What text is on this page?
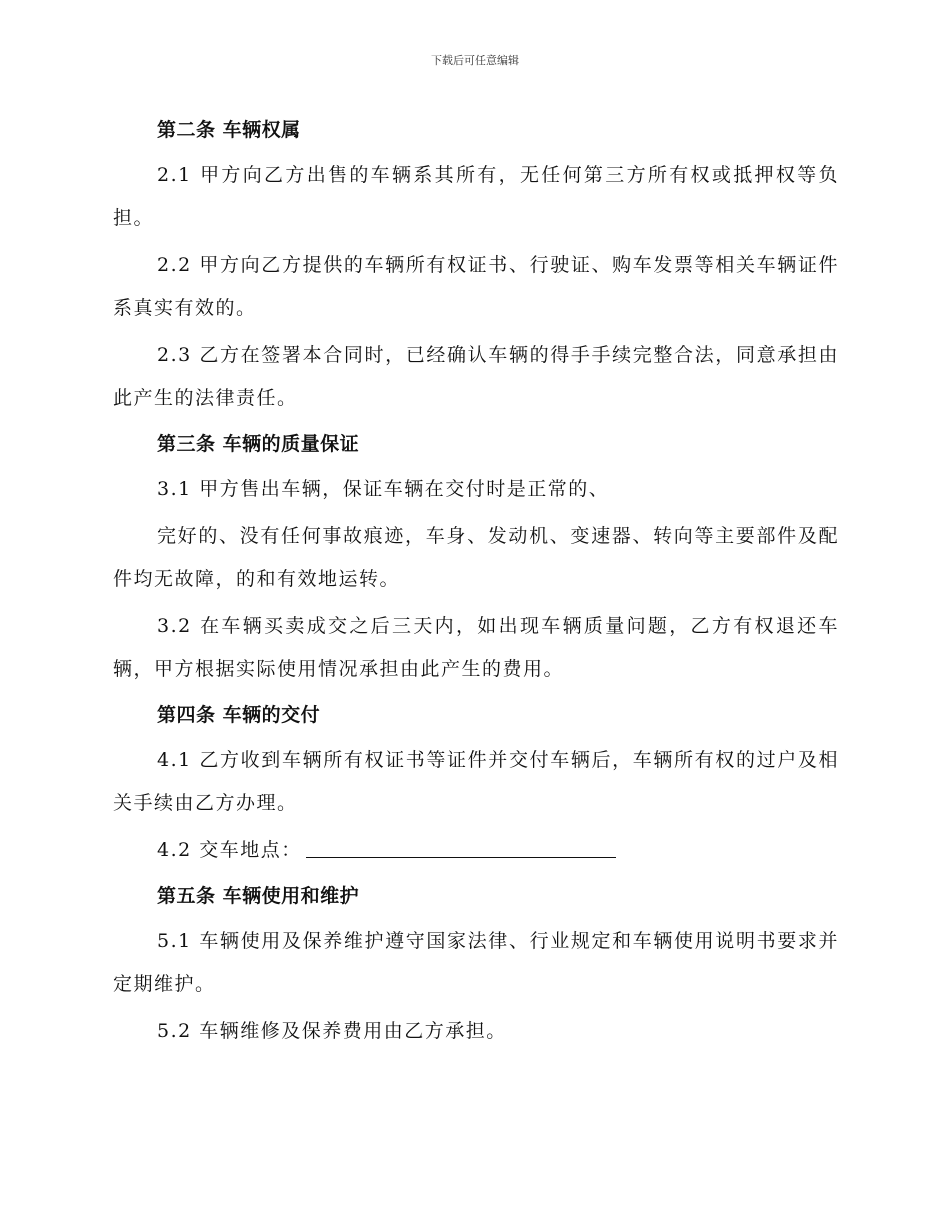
下载后可任意编辑

第二条 车辆权属

2.1 甲方向乙方出售的车辆系其所有，无任何第三方所有权或抵押权等负担。

2.2 甲方向乙方提供的车辆所有权证书、行驶证、购车发票等相关车辆证件系真实有效的。

2.3 乙方在签署本合同时，已经确认车辆的得手手续完整合法，同意承担由此产生的法律责任。

第三条 车辆的质量保证

3.1 甲方售出车辆，保证车辆在交付时是正常的、

完好的、没有任何事故痕迹，车身、发动机、变速器、转向等主要部件及配件均无故障，的和有效地运转。

3.2 在车辆买卖成交之后三天内，如出现车辆质量问题，乙方有权退还车辆，甲方根据实际使用情况承担由此产生的费用。

第四条 车辆的交付

4.1 乙方收到车辆所有权证书等证件并交付车辆后，车辆所有权的过户及相关手续由乙方办理。

4.2 交车地点：

第五条 车辆使用和维护

5.1 车辆使用及保养维护遵守国家法律、行业规定和车辆使用说明书要求并定期维护。

5.2 车辆维修及保养费用由乙方承担。
